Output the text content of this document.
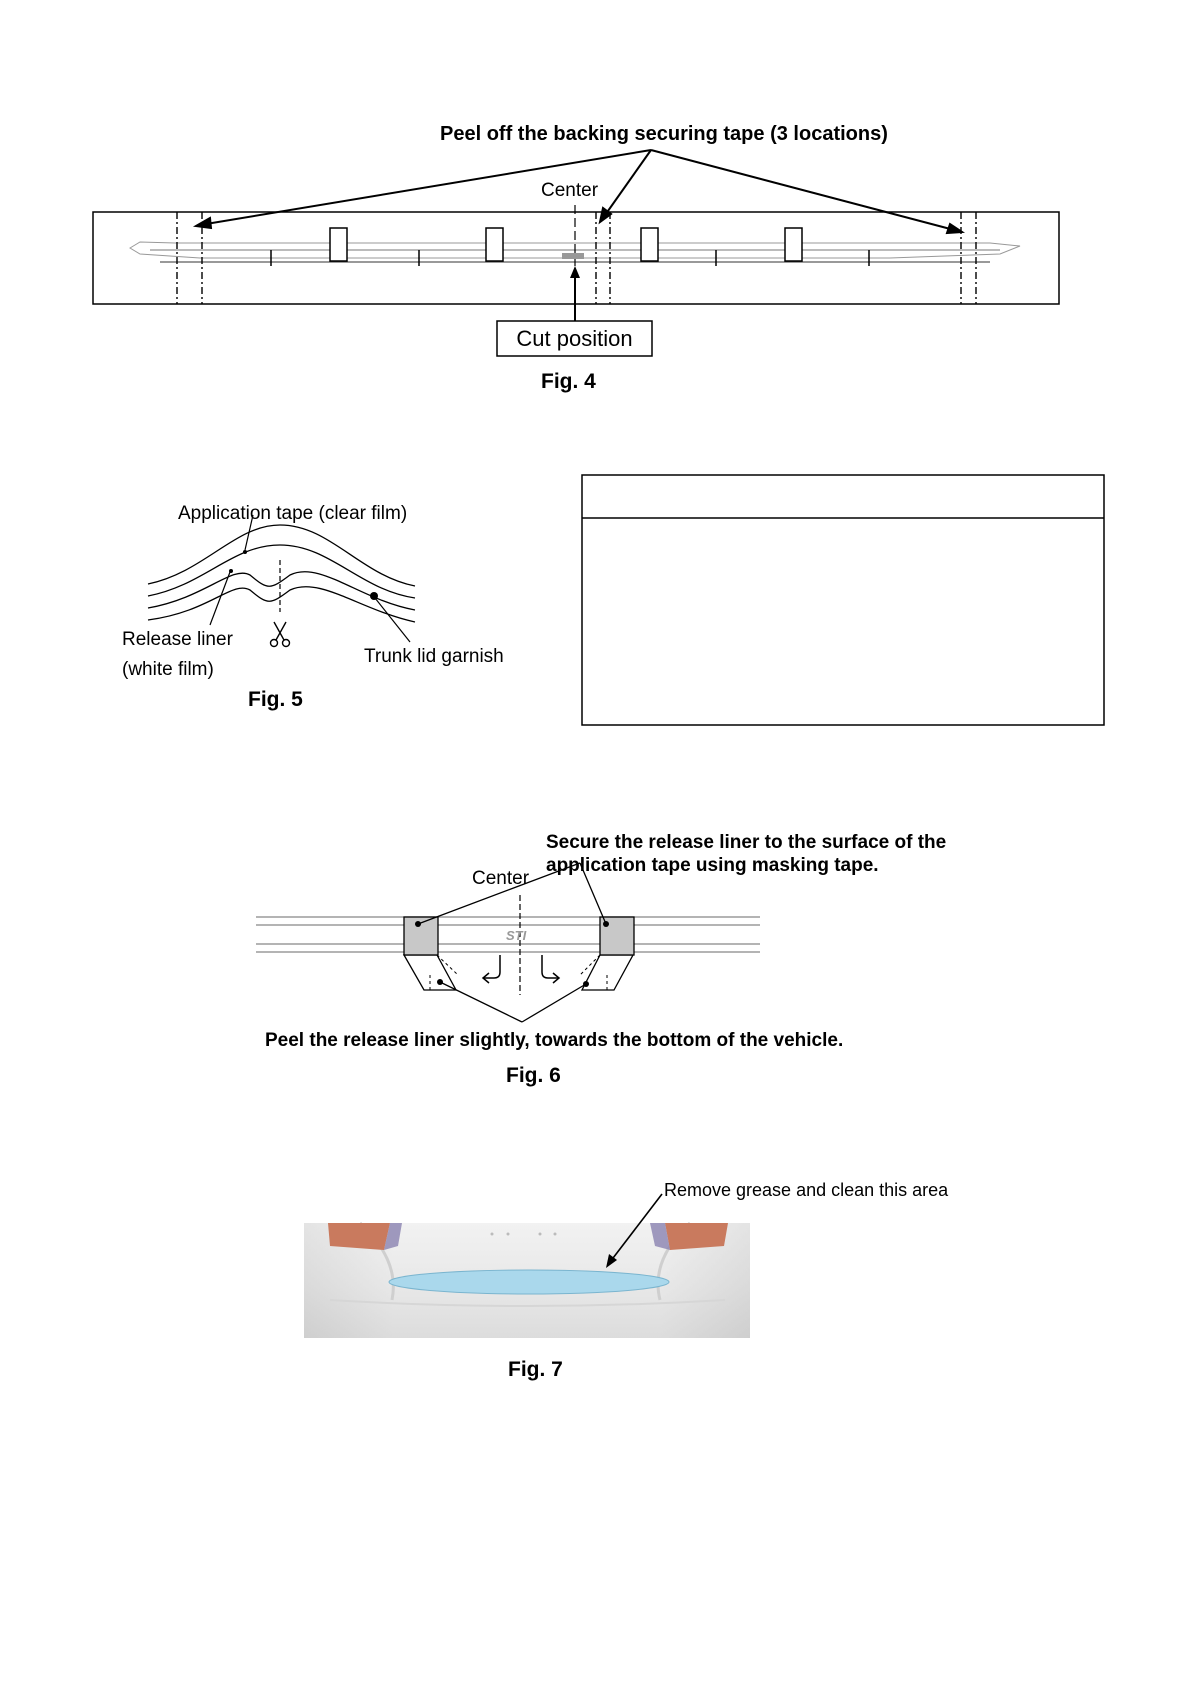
Peel off the backing securing tape (3 locations)
Center
Cut position
Fig. 4
Application tape (clear film)
Release liner
(white film)
Trunk lid garnish
Fig. 5
STI
Secure the release liner to the surface of the
application tape using masking tape.
Center
Peel the release liner slightly, towards the bottom of the vehicle.
Fig. 6
Remove grease and clean this area
Fig. 7
